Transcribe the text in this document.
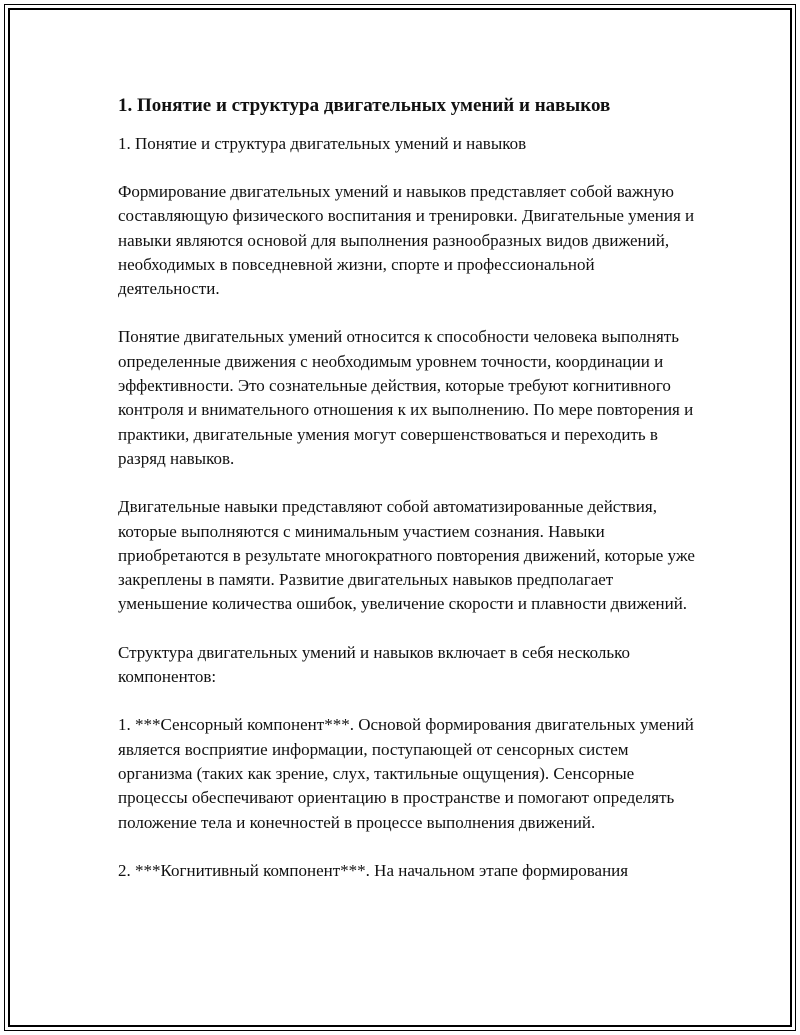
1. Понятие и структура двигательных умений и навыков

1. Понятие и структура двигательных умений и навыков

Формирование двигательных умений и навыков представляет собой важную составляющую физического воспитания и тренировки. Двигательные умения и навыки являются основой для выполнения разнообразных видов движений, необходимых в повседневной жизни, спорте и профессиональной деятельности.

Понятие двигательных умений относится к способности человека выполнять определенные движения с необходимым уровнем точности, координации и эффективности. Это сознательные действия, которые требуют когнитивного контроля и внимательного отношения к их выполнению. По мере повторения и практики, двигательные умения могут совершенствоваться и переходить в разряд навыков.

Двигательные навыки представляют собой автоматизированные действия, которые выполняются с минимальным участием сознания. Навыки приобретаются в результате многократного повторения движений, которые уже закреплены в памяти. Развитие двигательных навыков предполагает уменьшение количества ошибок, увеличение скорости и плавности движений.

Структура двигательных умений и навыков включает в себя несколько компонентов:

1. ***Сенсорный компонент***. Основой формирования двигательных умений является восприятие информации, поступающей от сенсорных систем организма (таких как зрение, слух, тактильные ощущения). Сенсорные процессы обеспечивают ориентацию в пространстве и помогают определять положение тела и конечностей в процессе выполнения движений.

2. ***Когнитивный компонент***. На начальном этапе формирования
